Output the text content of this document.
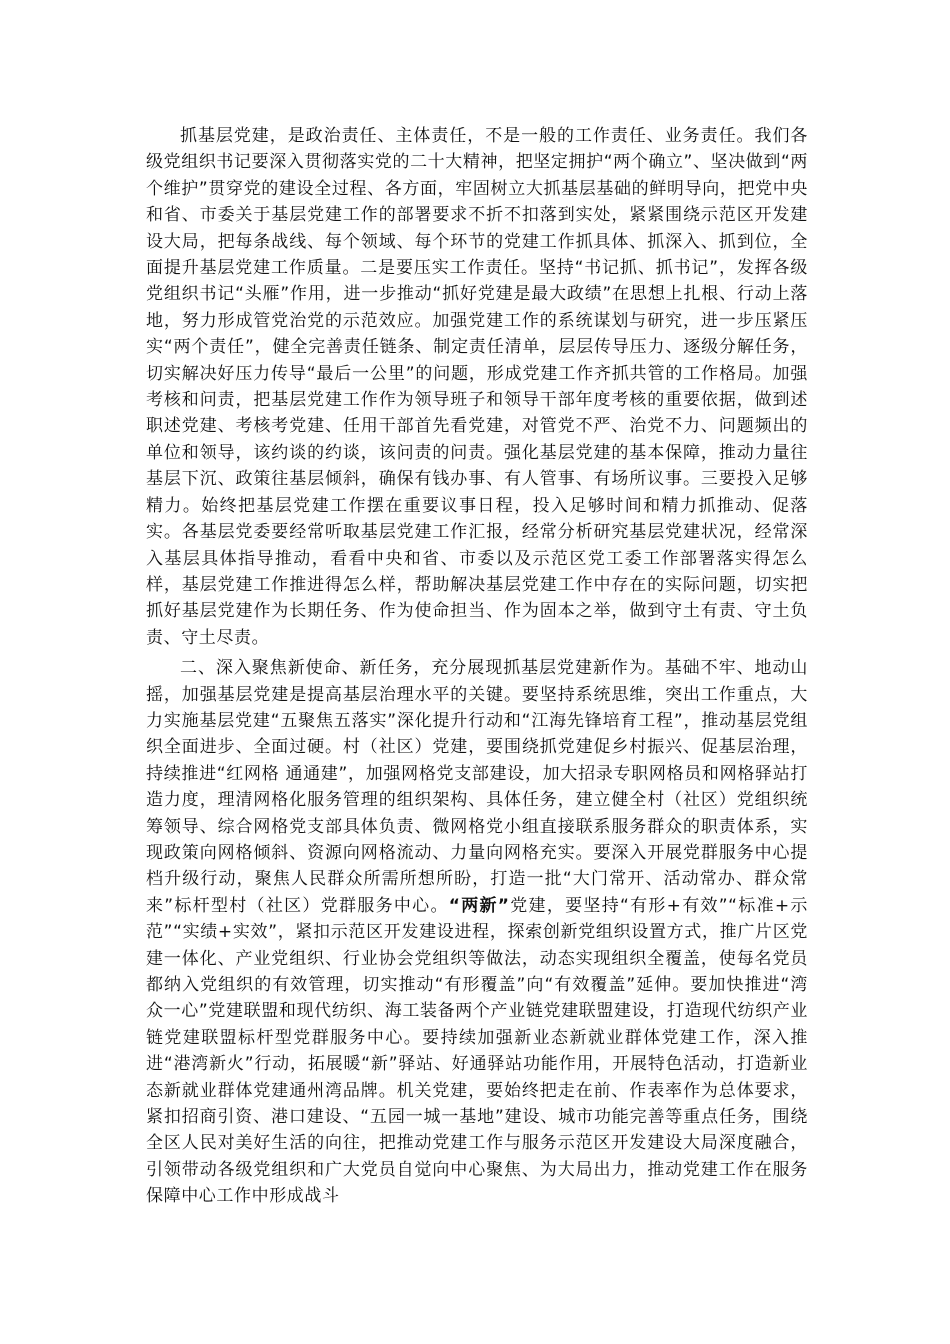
抓基层党建，是政治责任、主体责任，不是一般的工作责任、业务责任。我们各级党组织书记要深入贯彻落实党的二十大精神，把坚定拥护“两个确立”、坚决做到“两个维护”贯穿党的建设全过程、各方面，牢固树立大抓基层基础的鲜明导向，把党中央和省、市委关于基层党建工作的部署要求不折不扣落到实处，紧紧围绕示范区开发建设大局，把每条战线、每个领域、每个环节的党建工作抓具体、抓深入、抓到位，全面提升基层党建工作质量。二是要压实工作责任。坚持“书记抓、抓书记”，发挥各级党组织书记“头雁”作用，进一步推动“抓好党建是最大政绩”在思想上扎根、行动上落地，努力形成管党治党的示范效应。加强党建工作的系统谋划与研究，进一步压紧压实“两个责任”，健全完善责任链条、制定责任清单，层层传导压力、逐级分解任务，切实解决好压力传导“最后一公里”的问题，形成党建工作齐抓共管的工作格局。加强考核和问责，把基层党建工作作为领导班子和领导干部年度考核的重要依据，做到述职述党建、考核考党建、任用干部首先看党建，对管党不严、治党不力、问题频出的单位和领导，该约谈的约谈，该问责的问责。强化基层党建的基本保障，推动力量往基层下沉、政策往基层倾斜，确保有钱办事、有人管事、有场所议事。三要投入足够精力。始终把基层党建工作摆在重要议事日程，投入足够时间和精力抓推动、促落实。各基层党委要经常听取基层党建工作汇报，经常分析研究基层党建状况，经常深入基层具体指导推动，看看中央和省、市委以及示范区党工委工作部署落实得怎么样，基层党建工作推进得怎么样，帮助解决基层党建工作中存在的实际问题，切实把抓好基层党建作为长期任务、作为使命担当、作为固本之举，做到守土有责、守土负责、守土尽责。

二、深入聚焦新使命、新任务，充分展现抓基层党建新作为。基础不牢、地动山摇，加强基层党建是提高基层治理水平的关键。要坚持系统思维，突出工作重点，大力实施基层党建“五聚焦五落实”深化提升行动和“江海先锋培育工程”，推动基层党组织全面进步、全面过硬。村（社区）党建，要围绕抓党建促乡村振兴、促基层治理，持续推进“红网格 通通建”，加强网格党支部建设，加大招录专职网格员和网格驿站打造力度，理清网格化服务管理的组织架构、具体任务，建立健全村（社区）党组织统筹领导、综合网格党支部具体负责、微网格党小组直接联系服务群众的职责体系，实现政策向网格倾斜、资源向网格流动、力量向网格充实。要深入开展党群服务中心提档升级行动，聚焦人民群众所需所想所盼，打造一批“大门常开、活动常办、群众常来”标杆型村（社区）党群服务中心。“两新”党建，要坚持“有形+有效”“标准+示范”“实绩+实效”，紧扣示范区开发建设进程，探索创新党组织设置方式，推广片区党建一体化、产业党组织、行业协会党组织等做法，动态实现组织全覆盖，使每名党员都纳入党组织的有效管理，切实推动“有形覆盖”向“有效覆盖”延伸。要加快推进“湾众一心”党建联盟和现代纺织、海工装备两个产业链党建联盟建设，打造现代纺织产业链党建联盟标杆型党群服务中心。要持续加强新业态新就业群体党建工作，深入推进“港湾新火”行动，拓展暖“新”驿站、好通驿站功能作用，开展特色活动，打造新业态新就业群体党建通州湾品牌。机关党建，要始终把走在前、作表率作为总体要求，紧扣招商引资、港口建设、“五园一城一基地”建设、城市功能完善等重点任务，围绕全区人民对美好生活的向往，把推动党建工作与服务示范区开发建设大局深度融合，引领带动各级党组织和广大党员自觉向中心聚焦、为大局出力，推动党建工作在服务保障中心工作中形成战斗
